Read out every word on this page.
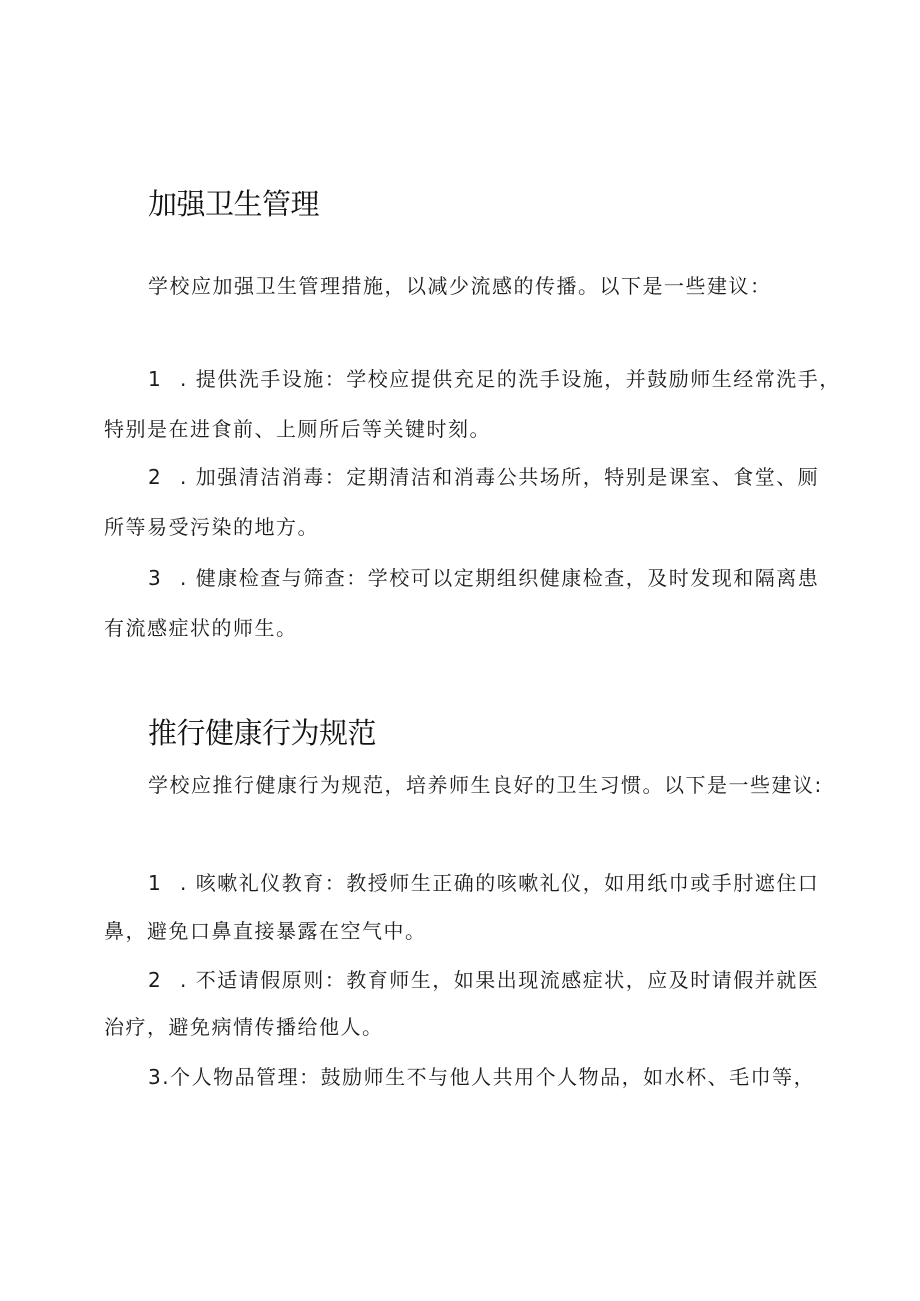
加强卫生管理
学校应加强卫生管理措施，以减少流感的传播。以下是一些建议：
1 . 提供洗手设施：学校应提供充足的洗手设施，并鼓励师生经常洗手，
特别是在进食前、上厕所后等关键时刻。
2 . 加强清洁消毒：定期清洁和消毒公共场所，特别是课室、食堂、厕
所等易受污染的地方。
3 . 健康检查与筛查：学校可以定期组织健康检查，及时发现和隔离患
有流感症状的师生。
推行健康行为规范
学校应推行健康行为规范，培养师生良好的卫生习惯。以下是一些建议:
1 . 咳嗽礼仪教育：教授师生正确的咳嗽礼仪，如用纸巾或手肘遮住口
鼻，避免口鼻直接暴露在空气中。
2 . 不适请假原则：教育师生，如果出现流感症状，应及时请假并就医
治疗，避免病情传播给他人。
3.个人物品管理：鼓励师生不与他人共用个人物品，如水杯、毛巾等，
